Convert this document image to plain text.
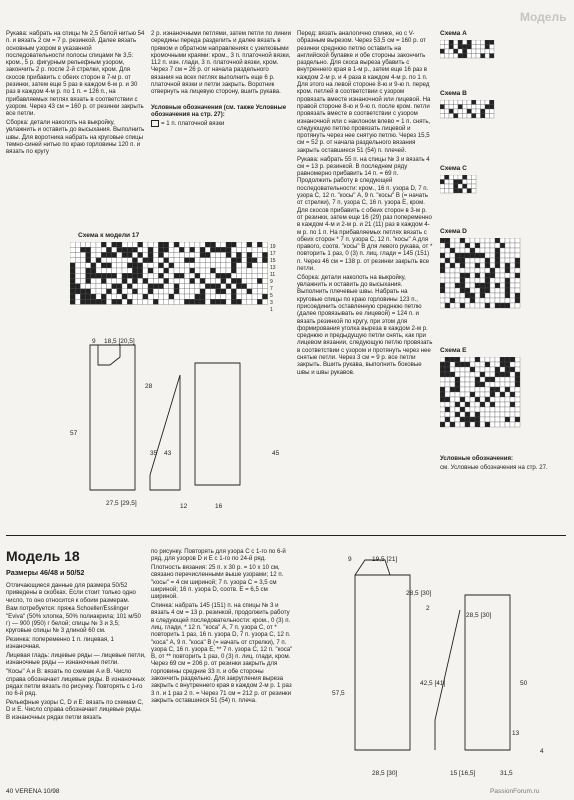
Рукава: набрать на спицы № 2,5 белой нитью 54 п. и вязать 2 см = 7 р. резинкой. Далее вязать основным узором в указанной последовательности полосы спицами № 3,5: кром., 5 р. фигурным рельефным узором, закончить 2 р. после 2-й стрелки, кром. Для скосов прибавить с обеих сторон в 7-м р. от резинки, затем еще 5 раз в каждом 6-м р. и 30 раз в каждом 4-м р. по 1 п. = 126 п., на прибавляемых петлях вязать в соответствии с узором. Через 43 см = 160 р. от резинки закрыть все петли.

Сборка: детали наколоть на выкройку, увлажнить и оставить до высыхания. Выполнить швы. Для воротника набрать на круговые спицы темно-синей нитью по краю горловины 120 п. и вязать по кругу

2 р. изнаночными петлями, затем петли по линии середины переда разделить и далее вязать в прямом и обратном направлениях с узелковыми кромочными краями: кром., 3 п. платочной вязки, 112 п. изн. глади, 3 п. платочной вязки, кром. Через 7 см = 26 р. от начала раздельного вязания на всех петлях выполнить еще 6 р. платочной вязки и петли закрыть. Воротник отвернуть на лицевую сторону, вшить рукава.

Условные обозначения (см. также Условные обозначения на стр. 27):

= 1 п. платочной вязки

Перед: вязать аналогично спинке, но с V-образным вырезом. Через 53,5 см = 160 р. от резинки среднюю петлю оставить на английской булавке и обе стороны закончить раздельно. Для скоса выреза убавить с внутреннего края в 1-м р., затем еще 16 раз в каждом 2-м р. и 4 раза в каждом 4-м р. по 1 п. Для этого на левой стороне 8-ю и 9-ю п. перед кром. петлей в соответствии с узором провязать вместе изнаночной или лицевой. На правой стороне 8-ю и 9-ю п. после кром. петли провязать вместе в соответствии с узором изнаночной или с наклоном влево = 1 п. снять, следующую петлю провязать лицевой и протянуть через нее снятую петлю. Через 15,5 см = 52 р. от начала раздельного вязания закрыть оставшиеся 51 (54) п. плечей.

Рукава: набрать 55 п. на спицы № 3 и вязать 4 см = 13 р. резинкой. В последнем ряду равномерно прибавить 14 п. = 69 п. Продолжить работу в следующей последовательности: кром., 16 п. узора D, 7 п. узора C, 12 п. "косы" A, 9 п. "косы" B (= начать от стрелки), 7 п. узора C, 16 п. узора E, кром. Для скосов прибавить с обеих сторон в 3-м р. от резинки, затем еще 16 (29) раз попеременно в каждом 4-м и 2-м р. и 21 (11) раз в каждом 4-м р. по 1 п. На прибавляемых петлях вязать с обеих сторон * 7 п. узора C, 12 п. "косы" A для правого, соотв. "косы" B для левого рукава, от * повторить 1 раз, 0 (3) п. лиц. глади = 145 (151) п. Через 46 см = 138 р. от резинки закрыть все петли.

Сборка: детали наколоть на выкройку, увлажнить и оставить до высыхания. Выполнить плечевые швы. Набрать на круговые спицы по краю горловины 123 п., присоединить оставленную среднюю петлю (далее провязывать ее лицевой) = 124 п. и вязать резинкой по кругу, при этом для формирования уголка выреза в каждом 2-м р. среднюю и предыдущую петли снять, как при лицевом вязании, следующую петлю провязать в соответствии с узором и протянуть через нее снятые петли. Через 3 см = 9 р. все петли закрыть. Вшить рукава, выполнить боковые швы и швы рукавов.

Модель
Схема A
Схема B
Схема C
Схема D
Схема E

Условные обозначения:

см. Условные обозначения на стр. 27.

Схема к модели 17
19
17
15
13
11
9
7
5
3
1
9 18,5 [20,5]
28
57
35 43	45
27,5 [29,5]	12	16
Модель 18
Размеры 46/48 и 50/52

Отличающиеся данные для размера 50/52 приведены в скобках. Если стоит только одно число, то оно относится к обоим размерам.

Вам потребуется: пряжа Schoeller/Esslinger "Eviva" (50% хлопка, 50% полиакрила; 101 м/50 г) — 900 (950) г белой; спицы № 3 и 3,5; круговые спицы № 3 длиной 60 см.

Резинка: попеременно 1 п. лицевая, 1 изнаночная.

Лицевая гладь: лицевые ряды — лицевые петли, изнаночные ряды — изнаночные петли.

"Косы" A и B: вязать по схемам A и B. Число справа обозначает лицевые ряды. В изнаночных рядах петли вязать по рисунку. Повторять с 1-го по 6-й ряд.

Рельефные узоры C, D и E: вязать по схемам C, D и E. Число справа обозначает лицевые ряды. В изнаночных рядах петли вязать

по рисунку. Повторять для узора C с 1-го по 6-й ряд, для узоров D и E с 1-го по 24-й ряд.

Плотность вязания: 25 п. х 30 р. = 10 х 10 см, связано перечисленными выше узорами; 12 п. "косы" = 4 см шириной; 7 п. узора C = 3,5 см шириной; 16 п. узора D, соотв. E = 6,5 см шириной.

Спинка: набрать 145 (151) п. на спицы № 3 и вязать 4 см = 13 р. резинкой, продолжить работу в следующей последовательности: кром., 0 (3) п. лиц. глади, * 12 п. "коса" A, 7 п. узора C, от * повторить 1 раз, 16 п. узора D, 7 п. узора C, 12 п. "коса" A, 9 п. "коса" B (= начать от стрелки), 7 п. узора C, 16 п. узора E, ** 7 п. узора C, 12 п. "коса" B, от ** повторить 1 раз, 0 (3) п. лиц. глади, кром. Через 69 см = 206 р. от резинки закрыть для горловины средние 33 п. и обе стороны закончить раздельно. Для закругления выреза закрыть с внутреннего края в каждом 2-м р. 1 раз 3 п. и 1 раз 2 п. = Через 71 см = 212 р. от резинки закрыть оставшиеся 51 (54) п. плеча.

9	19,5 [21]
28,5 [30]
2
57,5
28,5 [30]
28,5 [30]
42,5 [41]	50
13
15 [16,5]	31,5
4
40 VERENA 10/98	PassionForum.ru
